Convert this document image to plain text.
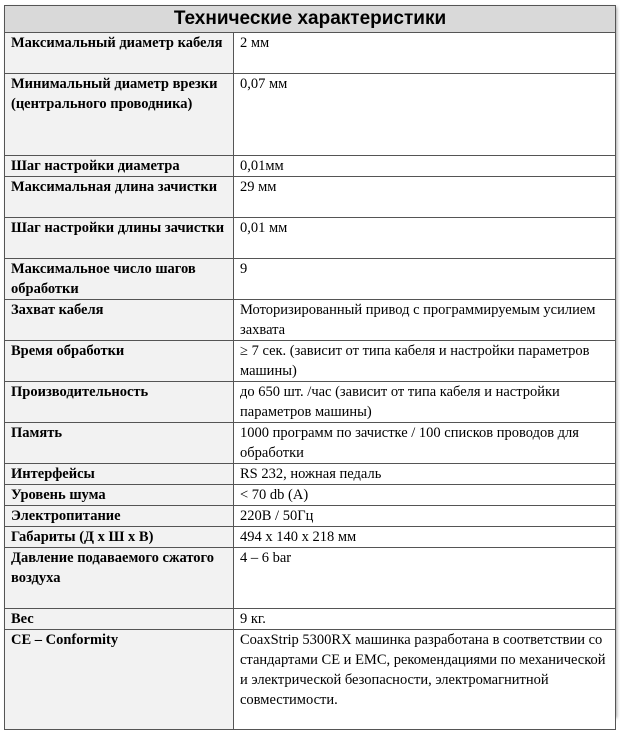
Технические характеристики	
Максимальный диаметр кабеля	2 мм
Минимальный диаметр врезки (центрального проводника)	0,07 мм
Шаг настройки диаметра	0,01мм
Максимальная длина зачистки	29 мм
Шаг настройки длины зачистки	0,01 мм
Максимальное число шагов обработки	9
Захват кабеля	Моторизированный привод с программируемым усилием захвата
Время обработки	≥ 7 сек. (зависит от типа кабеля и настройки параметров машины)
Производительность	до 650 шт. /час (зависит от типа кабеля и настройки параметров машины)
Память	1000 программ по зачистке / 100 списков проводов для обработки
Интерфейсы	RS 232, ножная педаль
Уровень шума	< 70 db (A)
Электропитание	220В / 50Гц
Габариты (Д x Ш x В)	494 x 140 x 218 мм
Давление подаваемого сжатого воздуха	4 – 6 bar
Вес	9 кг.
CE – Conformity	CoaxStrip 5300RX машинка разработана в соответствии со стандартами CE и EMC, рекомендациями по механической и электрической безопасности, электромагнитной совместимости.
